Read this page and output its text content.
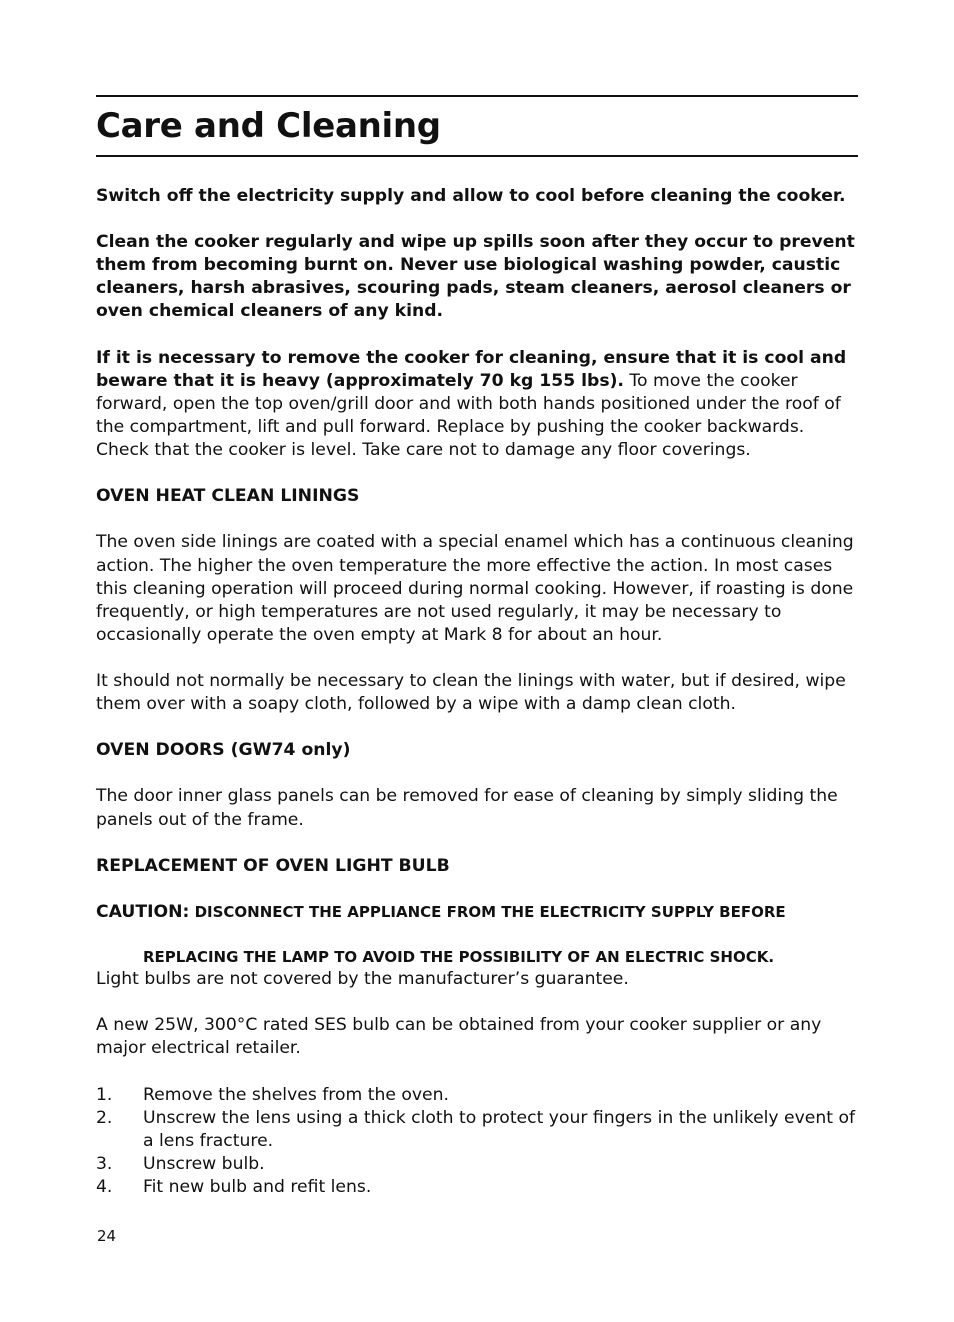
Care and Cleaning

Switch off the electricity supply and allow to cool before cleaning the cooker.

Clean the cooker regularly and wipe up spills soon after they occur to prevent them from becoming burnt on. Never use biological washing powder, caustic cleaners, harsh abrasives, scouring pads, steam cleaners, aerosol cleaners or oven chemical cleaners of any kind.

If it is necessary to remove the cooker for cleaning, ensure that it is cool and beware that it is heavy (approximately 70 kg 155 lbs). To move the cooker forward, open the top oven/grill door and with both hands positioned under the roof of the compartment, lift and pull forward. Replace by pushing the cooker backwards. Check that the cooker is level. Take care not to damage any floor coverings.

OVEN HEAT CLEAN LININGS

The oven side linings are coated with a special enamel which has a continuous cleaning action. The higher the oven temperature the more effective the action. In most cases this cleaning operation will proceed during normal cooking. However, if roasting is done frequently, or high temperatures are not used regularly, it may be necessary to occasionally operate the oven empty at Mark 8 for about an hour.

It should not normally be necessary to clean the linings with water, but if desired, wipe them over with a soapy cloth, followed by a wipe with a damp clean cloth.

OVEN DOORS (GW74 only)

The door inner glass panels can be removed for ease of cleaning by simply sliding the panels out of the frame.

REPLACEMENT OF OVEN LIGHT BULB

CAUTION: DISCONNECT THE APPLIANCE FROM THE ELECTRICITY SUPPLY BEFORE

REPLACING THE LAMP TO AVOID THE POSSIBILITY OF AN ELECTRIC SHOCK.

Light bulbs are not covered by the manufacturer’s guarantee.

A new 25W, 300°C rated SES bulb can be obtained from your cooker supplier or any major electrical retailer.

1. Remove the shelves from the oven.
2. Unscrew the lens using a thick cloth to protect your fingers in the unlikely event of a lens fracture.
3. Unscrew bulb.
4. Fit new bulb and refit lens.
24
